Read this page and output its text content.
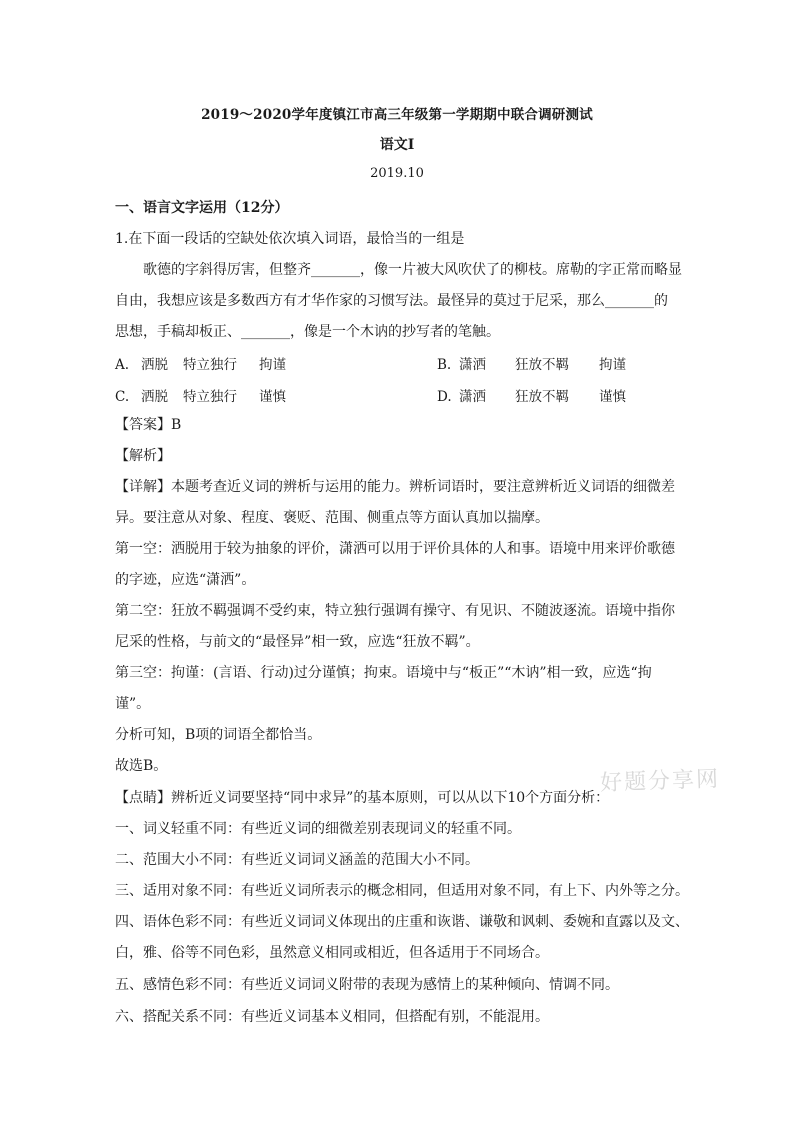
2019～2020学年度镇江市高三年级第一学期期中联合调研测试
语文Ⅰ
2019.10
一、语言文字运用（12分）
1.在下面一段话的空缺处依次填入词语，最恰当的一组是
歌德的字斜得厉害，但整齐_______，像一片被大风吹伏了的柳枝。席勒的字正常而略显
自由，我想应该是多数西方有才华作家的习惯写法。最怪异的莫过于尼采，那么_______的
思想，手稿却板正、_______，像是一个木讷的抄写者的笔触。
A. 洒脱 特立独行 拘谨	B. 潇洒 狂放不羁 拘谨
C. 洒脱 特立独行 谨慎	D. 潇洒 狂放不羁 谨慎
【答案】B
【解析】
【详解】本题考查近义词的辨析与运用的能力。辨析词语时，要注意辨析近义词语的细微差
异。要注意从对象、程度、褒贬、范围、侧重点等方面认真加以揣摩。
第一空：洒脱用于较为抽象的评价，潇洒可以用于评价具体的人和事。语境中用来评价歌德
的字迹，应选“潇洒”。
第二空：狂放不羁强调不受约束，特立独行强调有操守、有见识、不随波逐流。语境中指你
尼采的性格，与前文的“最怪异”相一致，应选“狂放不羁”。
第三空：拘谨：(言语、行动)过分谨慎；拘束。语境中与“板正”“木讷”相一致，应选“拘
谨”。
分析可知，B项的词语全都恰当。
故选B。
【点睛】辨析近义词要坚持“同中求异”的基本原则，可以从以下10个方面分析：
一、词义轻重不同：有些近义词的细微差别表现词义的轻重不同。
二、范围大小不同：有些近义词词义涵盖的范围大小不同。
三、适用对象不同：有些近义词所表示的概念相同，但适用对象不同，有上下、内外等之分。
四、语体色彩不同：有些近义词词义体现出的庄重和诙谐、谦敬和讽刺、委婉和直露以及文、
白，雅、俗等不同色彩，虽然意义相同或相近，但各适用于不同场合。
五、感情色彩不同：有些近义词词义附带的表现为感情上的某种倾向、情调不同。
六、搭配关系不同：有些近义词基本义相同，但搭配有别，不能混用。
好题分享网
